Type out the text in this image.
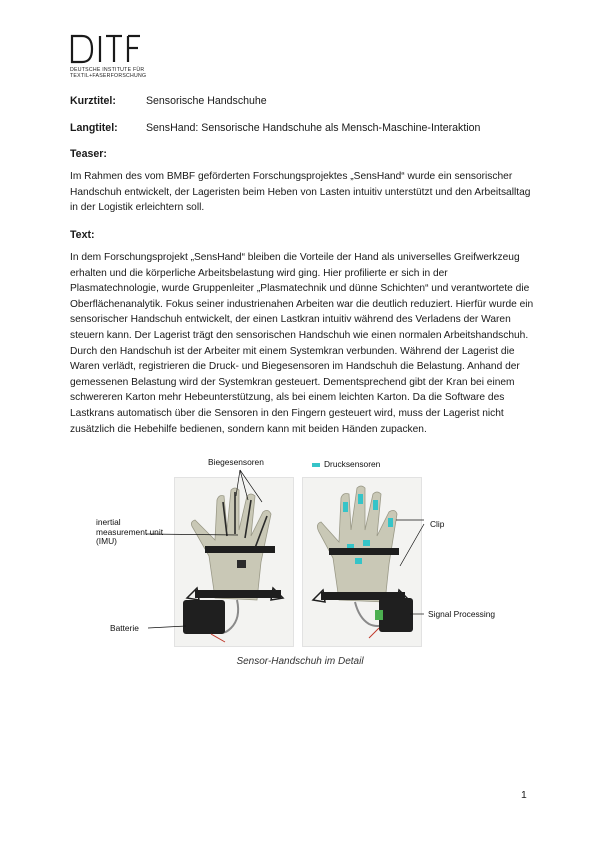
DEUTSCHE INSTITUTE FÜR
TEXTIL+FASERFORSCHUNG
Kurztitel:	Sensorische Handschuhe
Langtitel:	SensHand: Sensorische Handschuhe als Mensch-Maschine-Interaktion
Teaser:
Im Rahmen des vom BMBF geförderten Forschungsprojektes „SensHand“ wurde ein sensorischer Handschuh entwickelt, der Lageristen beim Heben von Lasten intuitiv unterstützt und den Arbeitsalltag in der Logistik erleichtern soll.
Text:
In dem Forschungsprojekt „SensHand“ bleiben die Vorteile der Hand als universelles Greifwerkzeug erhalten und die körperliche Arbeitsbelastung wird ging. Hier profilierte er sich in der Plasmatechnologie, wurde Gruppenleiter „Plasmatechnik und dünne Schichten“ und verantwortete die Oberflächenanalytik. Fokus seiner industrienahen Arbeiten war die deutlich reduziert. Hierfür wurde ein sensorischer Handschuh entwickelt, der einen Lastkran intuitiv während des Verladens der Waren steuern kann. Der Lagerist trägt den sensorischen Handschuh wie einen normalen Arbeitshandschuh. Durch den Handschuh ist der Arbeiter mit einem Systemkran verbunden. Während der Lagerist die Waren verlädt, registrieren die Druck- und Biegesensoren im Handschuh die Belastung. Anhand der gemessenen Belastung wird der Systemkran gesteuert. Dementsprechend gibt der Kran bei einem schwereren Karton mehr Hebeunterstützung, als bei einem leichten Karton. Da die Software des Lastkrans automatisch über die Sensoren in den Fingern gesteuert wird, muss der Lagerist nicht zusätzlich die Hebehilfe bedienen, sondern kann mit beiden Händen zupacken.
Biegesensoren	Drucksensoren
inertial
measurement unit
(IMU)
Clip
Batterie
Signal Processing
Sensor-Handschuh im Detail
1
